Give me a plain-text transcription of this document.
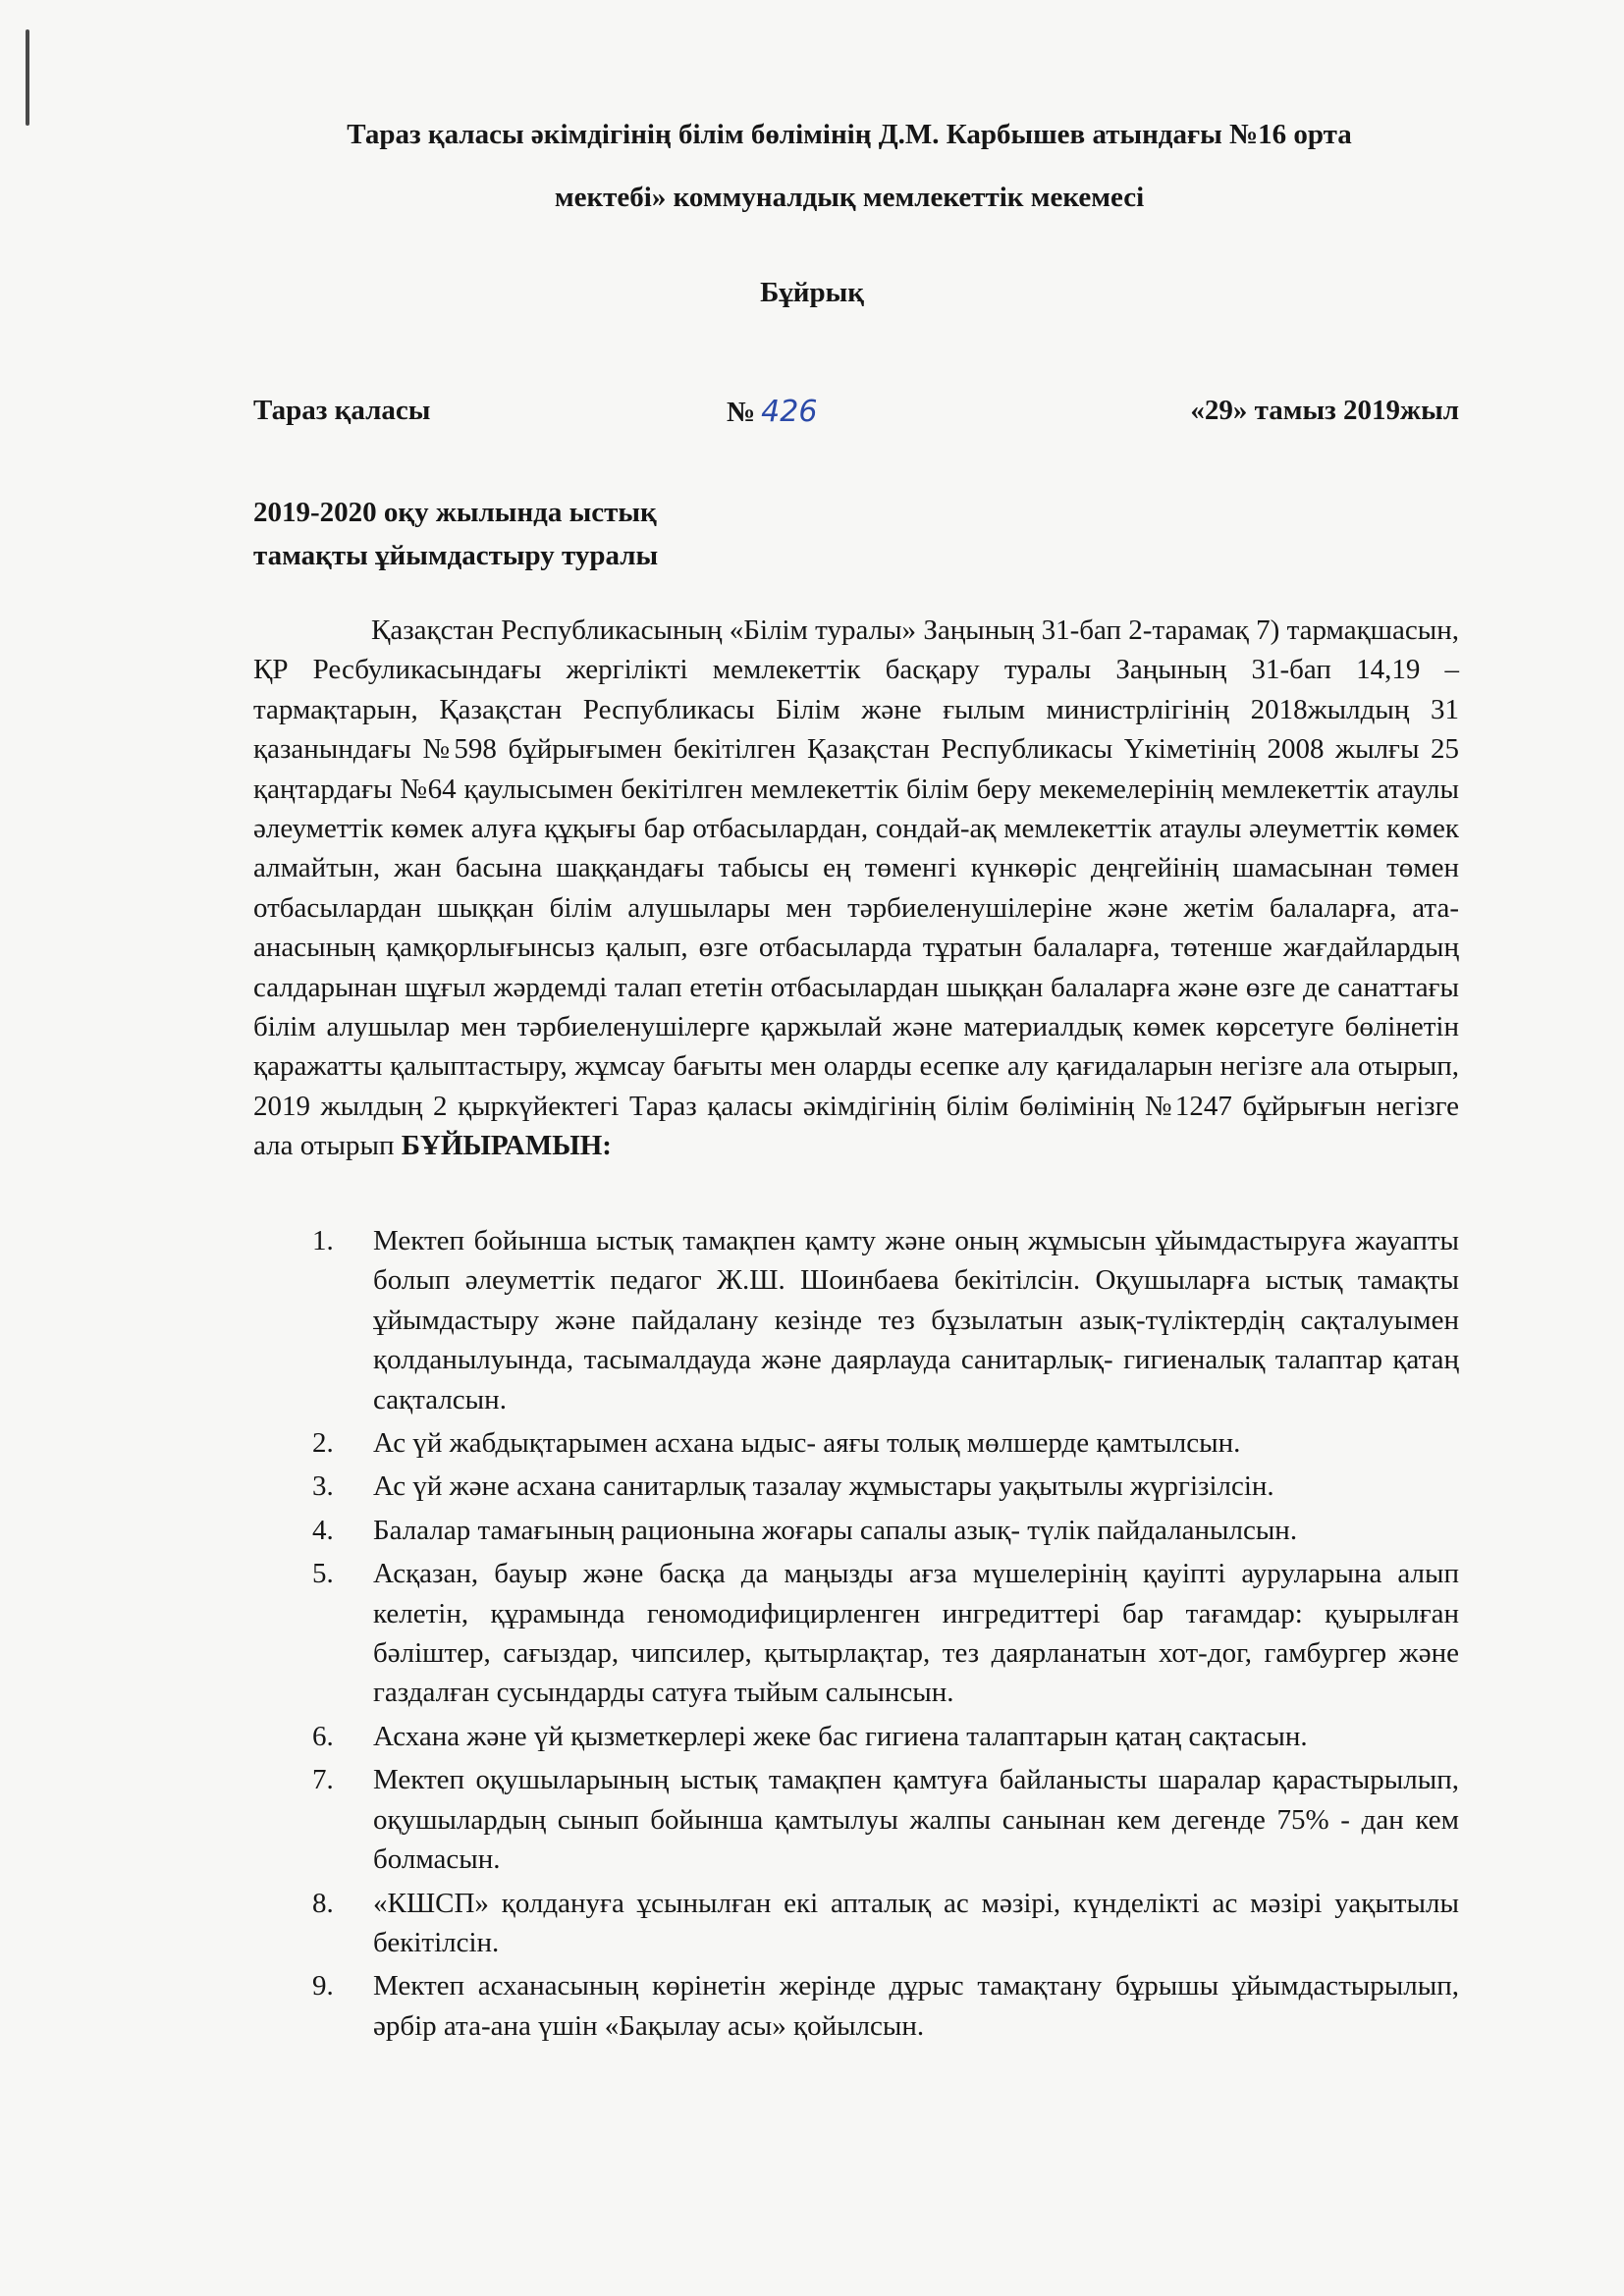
Тараз қаласы әкімдігінің білім бөлімінің Д.М. Карбышев атындағы №16 орта
мектебі» коммуналдық мемлекеттік мекемесі
Бұйрық
Тараз қаласы	№ 426	«29» тамыз 2019жыл
2019-2020 оқу жылында ыстық
тамақты ұйымдастыру туралы
Қазақстан Республикасының «Білім туралы» Заңының 31-бап 2-тарамақ 7) тармақшасын, ҚР Ресбуликасындағы жергілікті мемлекеттік басқару туралы Заңының 31-бап 14,19 –тармақтарын, Қазақстан Республикасы Білім және ғылым министрлігінің 2018жылдың 31 қазанындағы №598 бұйрығымен бекітілген Қазақстан Республикасы Үкіметінің 2008 жылғы 25 қаңтардағы №64 қаулысымен бекітілген мемлекеттік білім беру мекемелерінің мемлекеттік атаулы әлеуметтік көмек алуға құқығы бар отбасылардан, сондай-ақ мемлекеттік атаулы әлеуметтік көмек алмайтын, жан басына шаққандағы табысы ең төменгі күнкөріс деңгейінің шамасынан төмен отбасылардан шыққан білім алушылары мен тәрбиеленушілеріне және жетім балаларға, ата-анасының қамқорлығынсыз қалып, өзге отбасыларда тұратын балаларға, төтенше жағдайлардың салдарынан шұғыл жәрдемді талап ететін отбасылардан шыққан балаларға және өзге де санаттағы білім алушылар мен тәрбиеленушілерге қаржылай және материалдық көмек көрсетуге бөлінетін қаражатты қалыптастыру, жұмсау бағыты мен оларды есепке алу қағидаларын негізге ала отырып, 2019 жылдың 2 қыркүйектегі Тараз қаласы әкімдігінің білім бөлімінің №1247 бұйрығын негізге ала отырып БҰЙЫРАМЫН:
1. Мектеп бойынша ыстық тамақпен қамту және оның жұмысын ұйымдастыруға жауапты болып әлеуметтік педагог Ж.Ш. Шоинбаева бекітілсін. Оқушыларға ыстық тамақты ұйымдастыру және пайдалану кезінде тез бұзылатын азық-түліктердің сақталуымен қолданылуында, тасымалдауда және даярлауда санитарлық- гигиеналық талаптар қатаң сақталсын.
2. Ас үй жабдықтарымен асхана ыдыс- аяғы толық мөлшерде қамтылсын.
3. Ас үй және асхана санитарлық тазалау жұмыстары уақытылы жүргізілсін.
4. Балалар тамағының рационына жоғары сапалы азық- түлік пайдаланылсын.
5. Асқазан, бауыр және басқа да маңызды ағза мүшелерінің қауіпті ауруларына алып келетін, құрамында геномодифицирленген ингредиттері бар тағамдар: қуырылған бәліштер, сағыздар, чипсилер, қытырлақтар, тез даярланатын хот-дог, гамбургер және газдалған сусындарды сатуға тыйым салынсын.
6. Асхана және үй қызметкерлері жеке бас гигиена талаптарын қатаң сақтасын.
7. Мектеп оқушыларының ыстық тамақпен қамтуға байланысты шаралар қарастырылып, оқушылардың сынып бойынша қамтылуы жалпы санынан кем дегенде 75% - дан кем болмасын.
8. «КШСП» қолдануға ұсынылған екі апталық ас мәзірі, күнделікті ас мәзірі уақытылы бекітілсін.
9. Мектеп асханасының көрінетін жерінде дұрыс тамақтану бұрышы ұйымдастырылып, әрбір ата-ана үшін «Бақылау асы» қойылсын.
